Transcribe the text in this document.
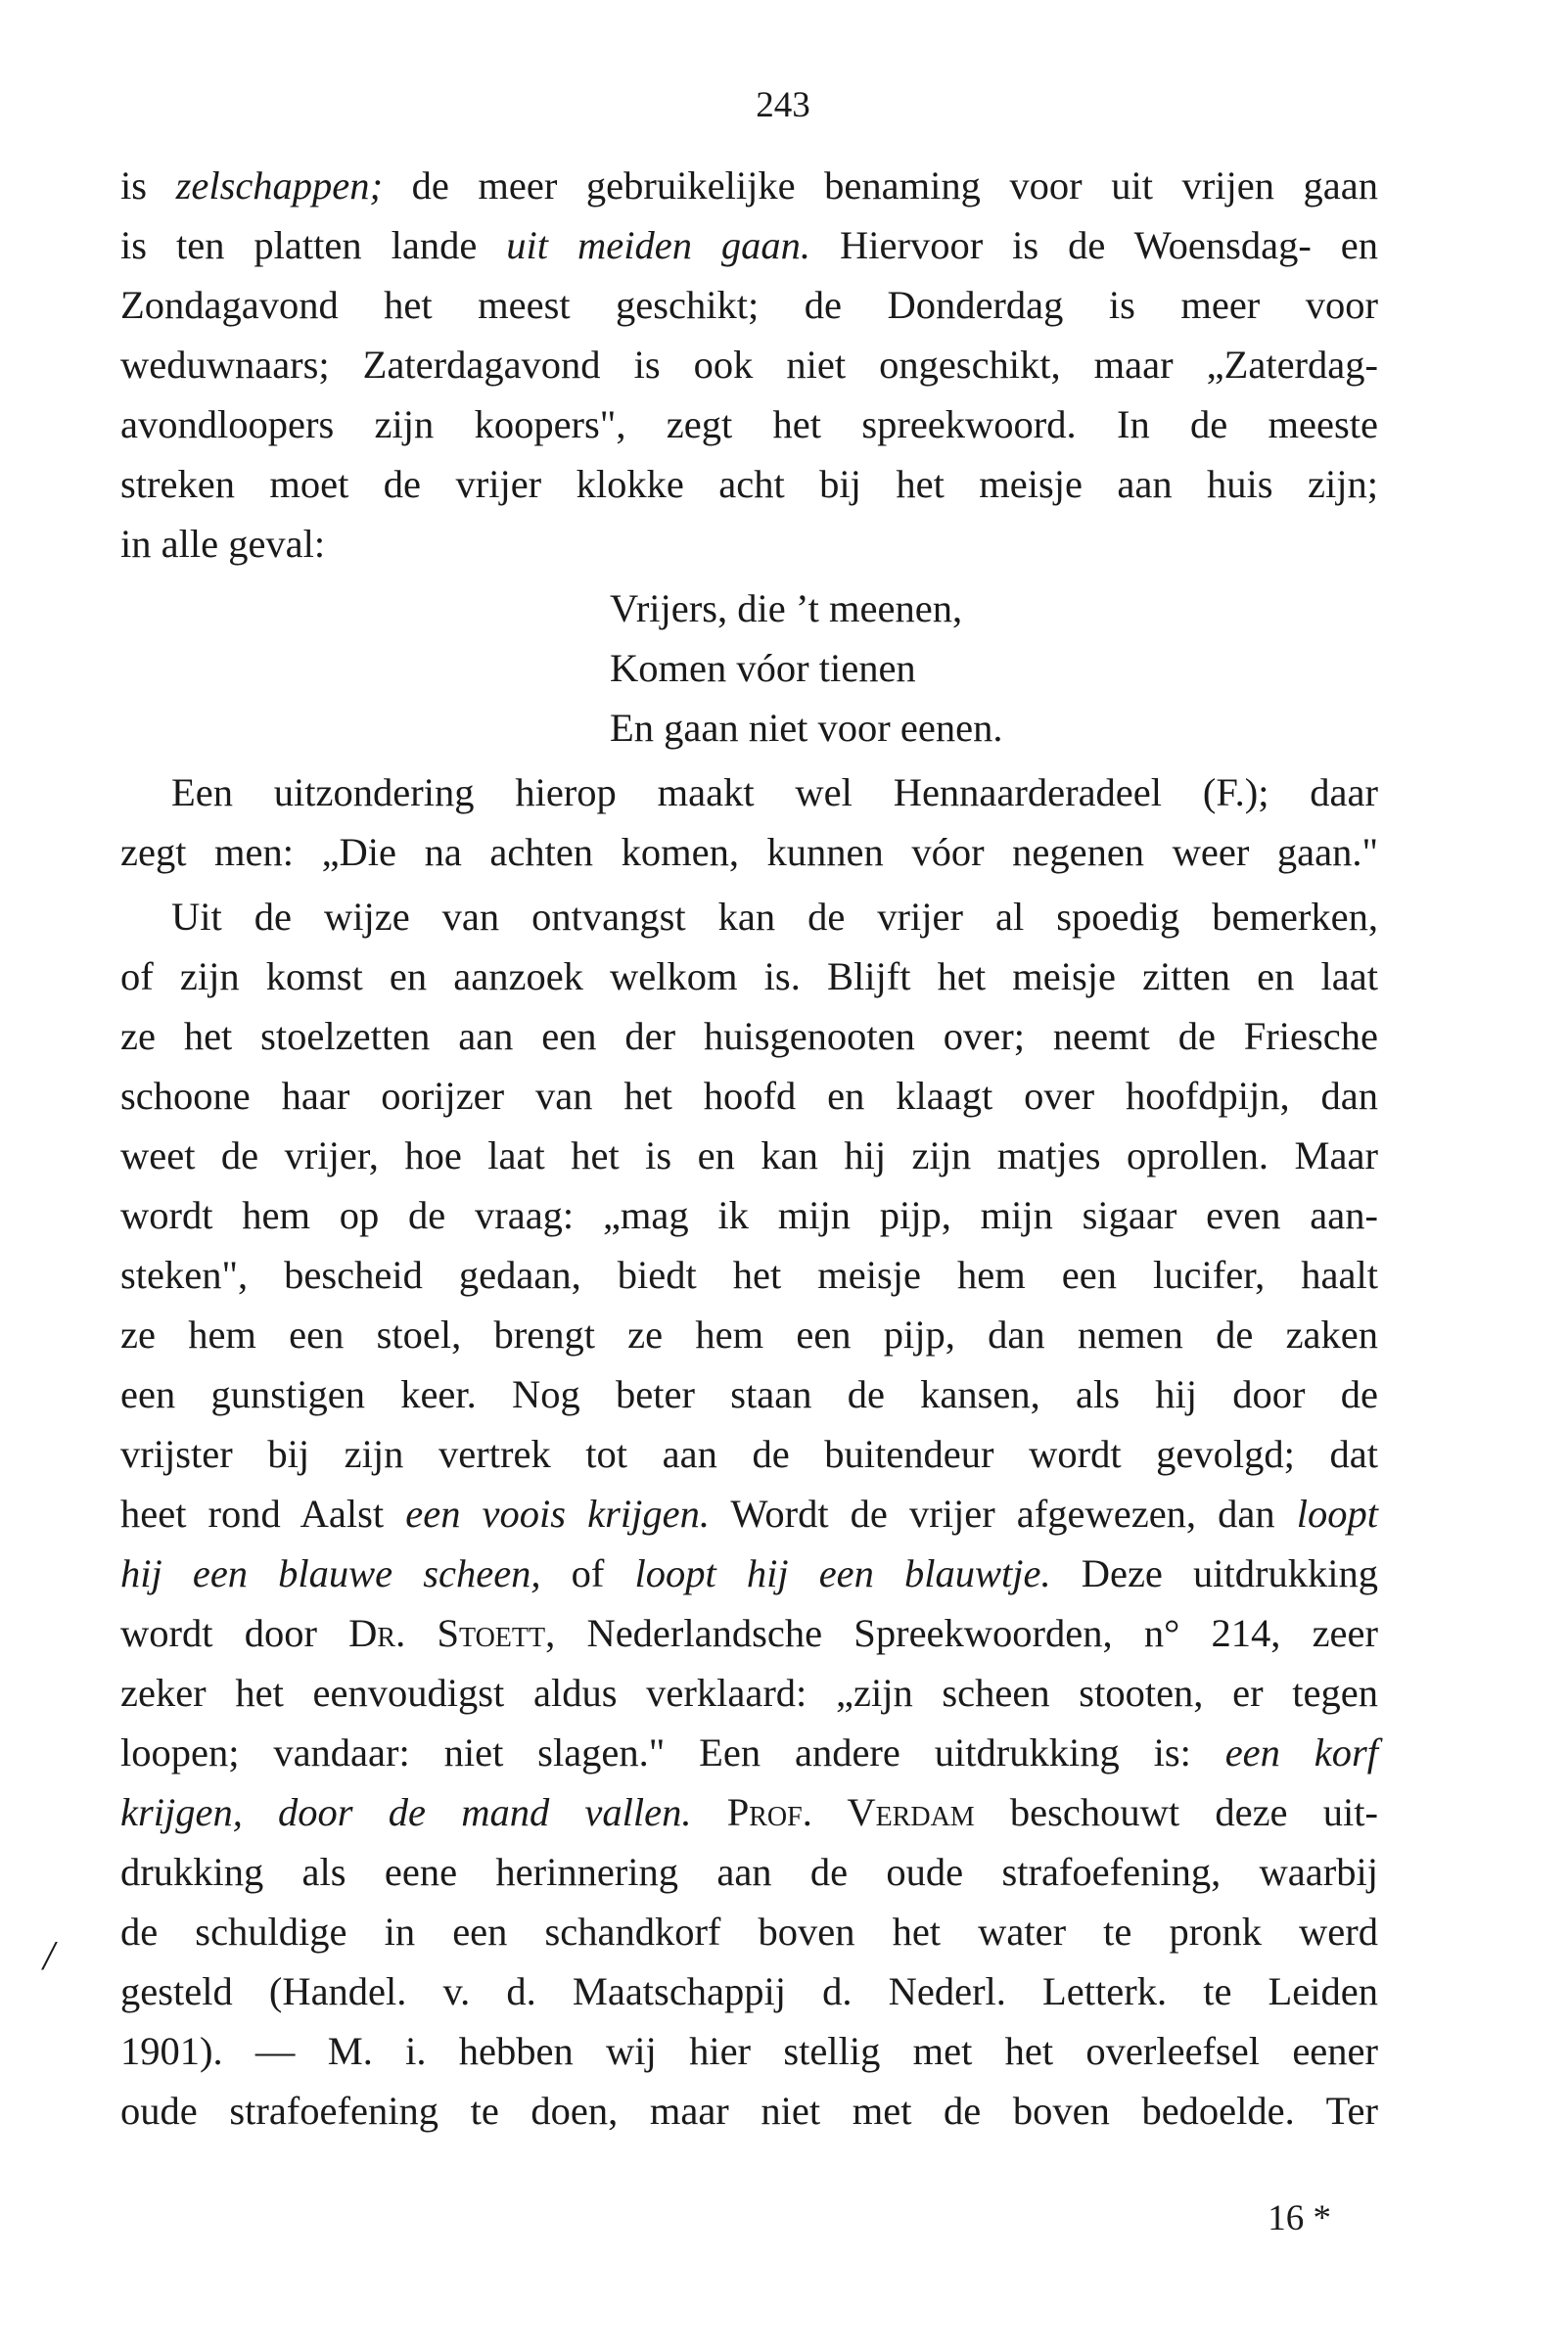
243
is zelschappen; de meer gebruikelijke benaming voor uit vrijen gaan
is ten platten lande uit meiden gaan. Hiervoor is de Woensdag- en
Zondagavond het meest geschikt; de Donderdag is meer voor
weduwnaars; Zaterdagavond is ook niet ongeschikt, maar „Zaterdag-
avondloopers zijn koopers", zegt het spreekwoord. In de meeste
streken moet de vrijer klokke acht bij het meisje aan huis zijn;
in alle geval:
Vrijers, die ’t meenen,
Komen vóor tienen
En gaan niet voor eenen.
Een uitzondering hierop maakt wel Hennaarderadeel (F.); daar
zegt men: „Die na achten komen, kunnen vóor negenen weer gaan."
Uit de wijze van ontvangst kan de vrijer al spoedig bemerken,
of zijn komst en aanzoek welkom is. Blijft het meisje zitten en laat
ze het stoelzetten aan een der huisgenooten over; neemt de Friesche
schoone haar oorijzer van het hoofd en klaagt over hoofdpijn, dan
weet de vrijer, hoe laat het is en kan hij zijn matjes oprollen. Maar
wordt hem op de vraag: „mag ik mijn pijp, mijn sigaar even aan-
steken", bescheid gedaan, biedt het meisje hem een lucifer, haalt
ze hem een stoel, brengt ze hem een pijp, dan nemen de zaken
een gunstigen keer. Nog beter staan de kansen, als hij door de
vrijster bij zijn vertrek tot aan de buitendeur wordt gevolgd; dat
heet rond Aalst een voois krijgen. Wordt de vrijer afgewezen, dan loopt
hij een blauwe scheen, of loopt hij een blauwtje. Deze uitdrukking
wordt door Dr. Stoett, Nederlandsche Spreekwoorden, n° 214, zeer
zeker het eenvoudigst aldus verklaard: „zijn scheen stooten, er tegen
loopen; vandaar: niet slagen." Een andere uitdrukking is: een korf
krijgen, door de mand vallen. Prof. Verdam beschouwt deze uit-
drukking als eene herinnering aan de oude strafoefening, waarbij
de schuldige in een schandkorf boven het water te pronk werd
gesteld (Handel. v. d. Maatschappij d. Nederl. Letterk. te Leiden
1901). — M. i. hebben wij hier stellig met het overleefsel eener
oude strafoefening te doen, maar niet met de boven bedoelde. Ter
/
16 *
